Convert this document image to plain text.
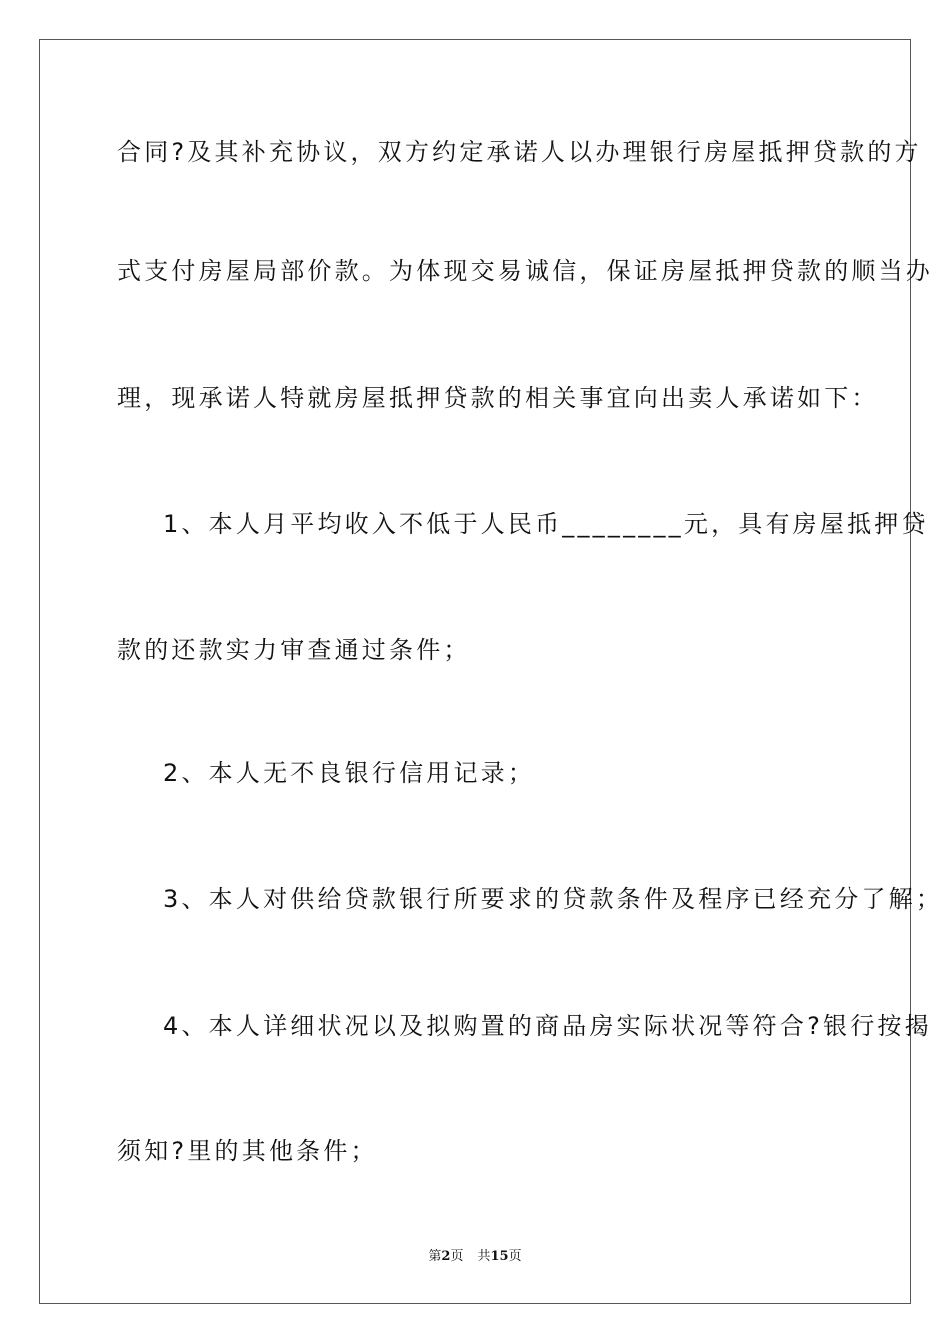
合同?及其补充协议，双方约定承诺人以办理银行房屋抵押贷款的方
式支付房屋局部价款。为体现交易诚信，保证房屋抵押贷款的顺当办
理，现承诺人特就房屋抵押贷款的相关事宜向出卖人承诺如下：
1、本人月平均收入不低于人民币________元，具有房屋抵押贷
款的还款实力审查通过条件；
2、本人无不良银行信用记录；
3、本人对供给贷款银行所要求的贷款条件及程序已经充分了解；
4、本人详细状况以及拟购置的商品房实际状况等符合?银行按揭
须知?里的其他条件；
第2页 共15页
